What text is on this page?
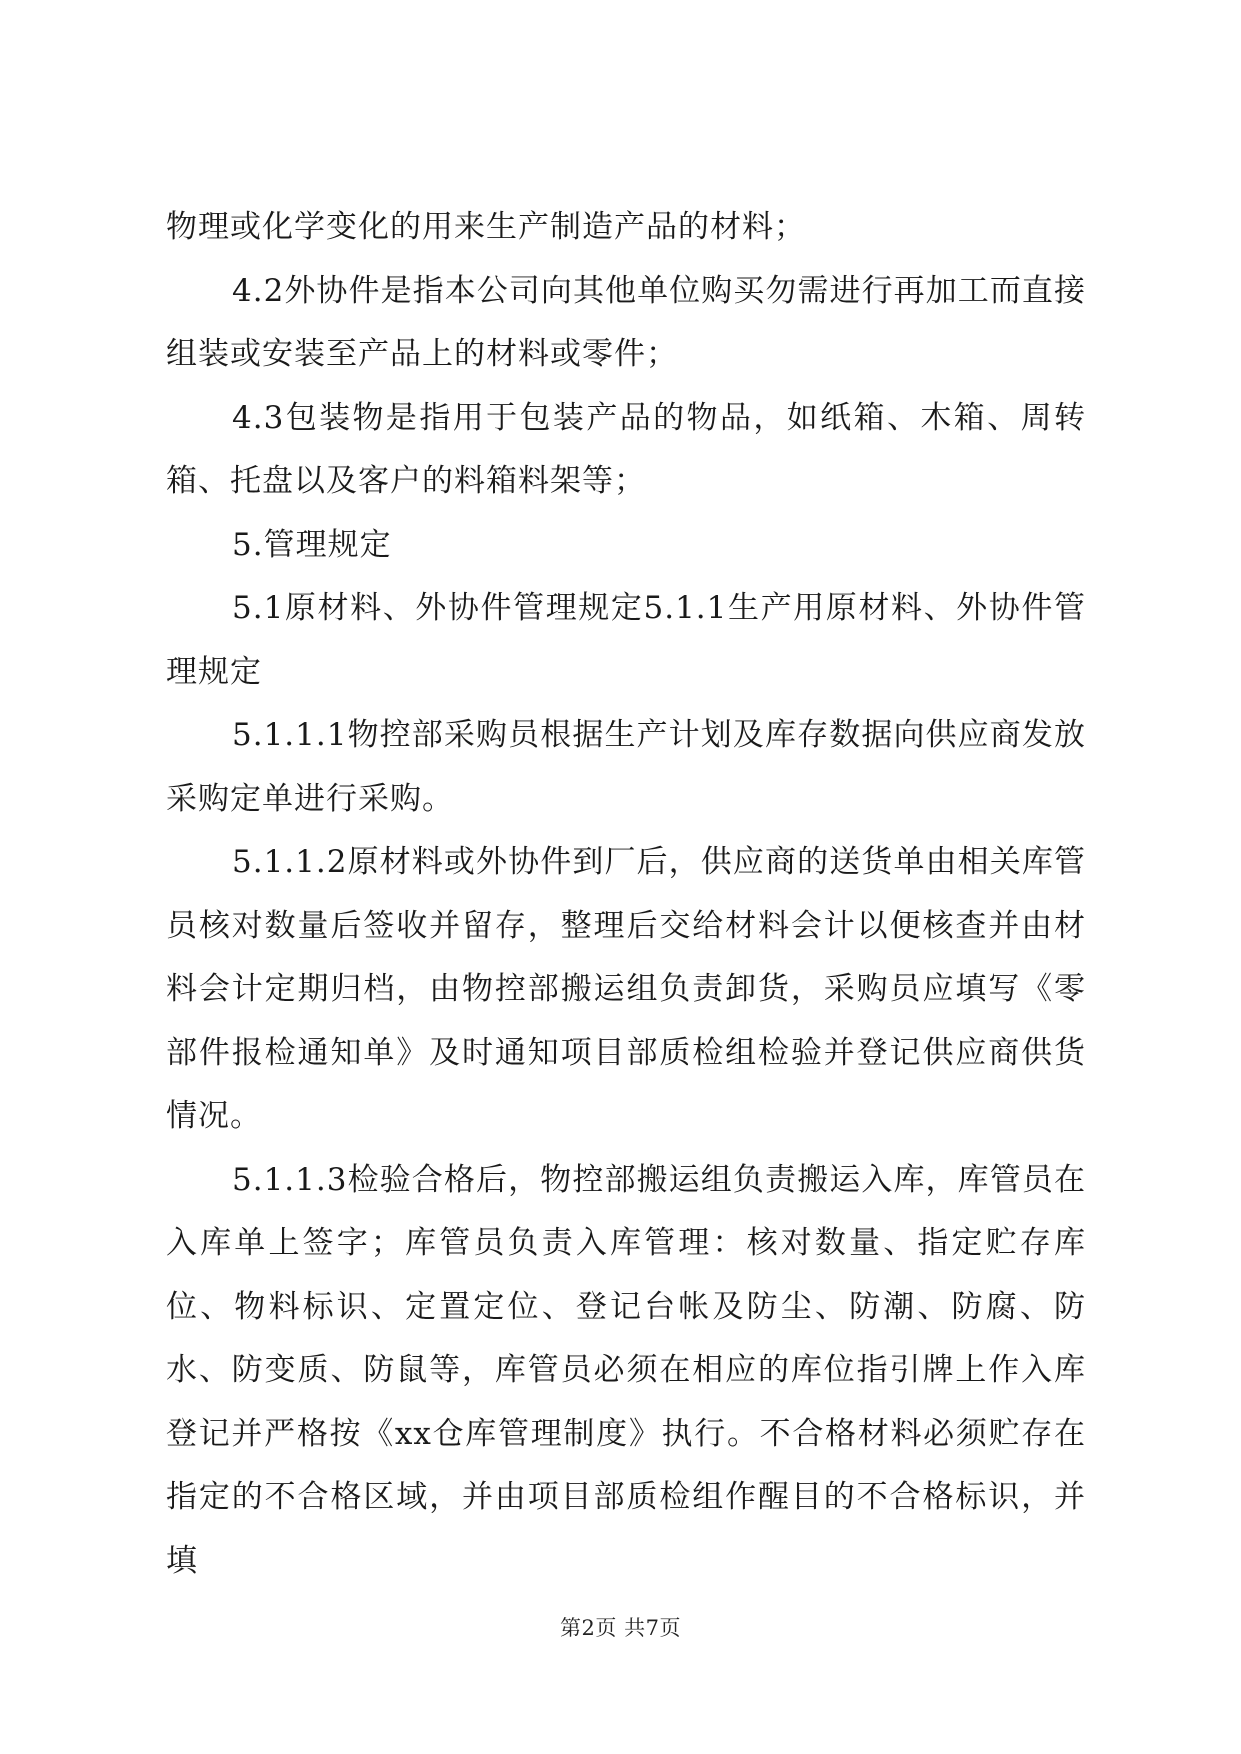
物理或化学变化的用来生产制造产品的材料；

4.2外协件是指本公司向其他单位购买勿需进行再加工而直接组装或安装至产品上的材料或零件；

4.3包装物是指用于包装产品的物品，如纸箱、木箱、周转箱、托盘以及客户的料箱料架等；

5.管理规定

5.1原材料、外协件管理规定5.1.1生产用原材料、外协件管理规定

5.1.1.1物控部采购员根据生产计划及库存数据向供应商发放采购定单进行采购。

5.1.1.2原材料或外协件到厂后，供应商的送货单由相关库管员核对数量后签收并留存，整理后交给材料会计以便核查并由材料会计定期归档，由物控部搬运组负责卸货，采购员应填写《零部件报检通知单》及时通知项目部质检组检验并登记供应商供货情况。

5.1.1.3检验合格后，物控部搬运组负责搬运入库，库管员在入库单上签字；库管员负责入库管理：核对数量、指定贮存库位、物料标识、定置定位、登记台帐及防尘、防潮、防腐、防水、防变质、防鼠等，库管员必须在相应的库位指引牌上作入库登记并严格按《xx仓库管理制度》执行。不合格材料必须贮存在指定的不合格区域，并由项目部质检组作醒目的不合格标识，并填

第2页 共7页
